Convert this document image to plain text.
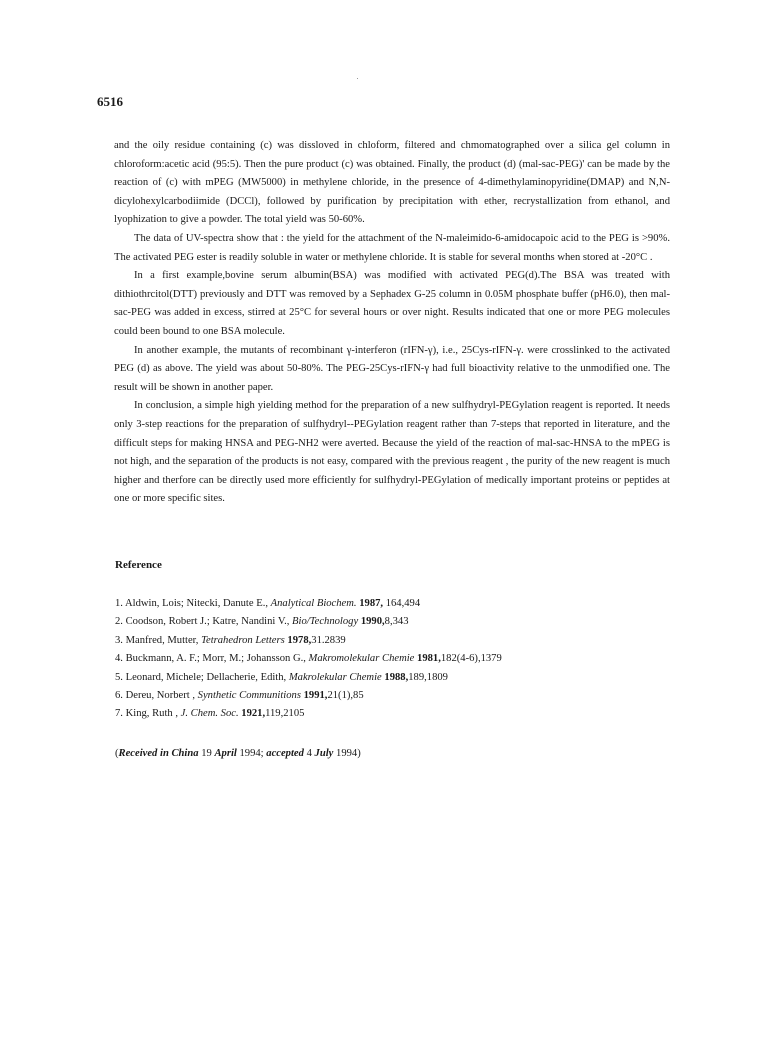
6516

and the oily residue containing (c) was dissloved in chloform, filtered and chmomatographed over a silica gel column in chloroform:acetic acid (95:5). Then the pure product (c) was obtained. Finally, the product (d) (mal-sac-PEG)' can be made by the reaction of (c) with mPEG (MW5000) in methylene chloride, in the presence of 4-dimethylaminopyridine(DMAP) and N,N-dicylohexylcarbodiimide (DCCl), followed by purification by precipitation with ether, recrystallization from ethanol, and lyophization to give a powder. The total yield was 50-60%.

The data of UV-spectra show that : the yield for the attachment of the N-maleimido-6-amidocapoic acid to the PEG is >90%. The activated PEG ester is readily soluble in water or methylene chloride. It is stable for several months when stored at -20°C .

In a first example,bovine serum albumin(BSA) was modified with activated PEG(d).The BSA was treated with dithiothrcitol(DTT) previously and DTT was removed by a Sephadex G-25 column in 0.05M phosphate buffer (pH6.0), then mal-sac-PEG was added in excess, stirred at 25°C for several hours or over night. Results indicated that one or more PEG molecules could been bound to one BSA molecule.

In another example, the mutants of recombinant γ-interferon (rIFN-γ), i.e., 25Cys-rIFN-γ. were crosslinked to the activated PEG (d) as above. The yield was about 50-80%. The PEG-25Cys-rIFN-γ had full bioactivity relative to the unmodified one. The result will be shown in another paper.

In conclusion, a simple high yielding method for the preparation of a new sulfhydryl-PEGylation reagent is reported. It needs only 3-step reactions for the preparation of sulfhydryl--PEGylation reagent rather than 7-steps that reported in literature, and the difficult steps for making HNSA and PEG-NH2 were averted. Because the yield of the reaction of mal-sac-HNSA to the mPEG is not high, and the separation of the products is not easy, compared with the previous reagent , the purity of the new reagent is much higher and therfore can be directly used more efficiently for sulfhydryl-PEGylation of medically important proteins or peptides at one or more specific sites.

Reference
1. Aldwin, Lois; Nitecki, Danute E., Analytical Biochem. 1987, 164,494
2. Coodson, Robert J.; Katre, Nandini V., Bio/Technology 1990,8,343
3. Manfred, Mutter, Tetrahedron Letters 1978,31.2839
4. Buckmann, A. F.; Morr, M.; Johansson G., Makromolekular Chemie 1981,182(4-6),1379
5. Leonard, Michele; Dellacherie, Edith, Makrolekular Chemie 1988,189,1809
6. Dereu, Norbert , Synthetic Communitions 1991,21(1),85
7. King, Ruth , J. Chem. Soc. 1921,119,2105
(Received in China 19 April 1994; accepted 4 July 1994)
